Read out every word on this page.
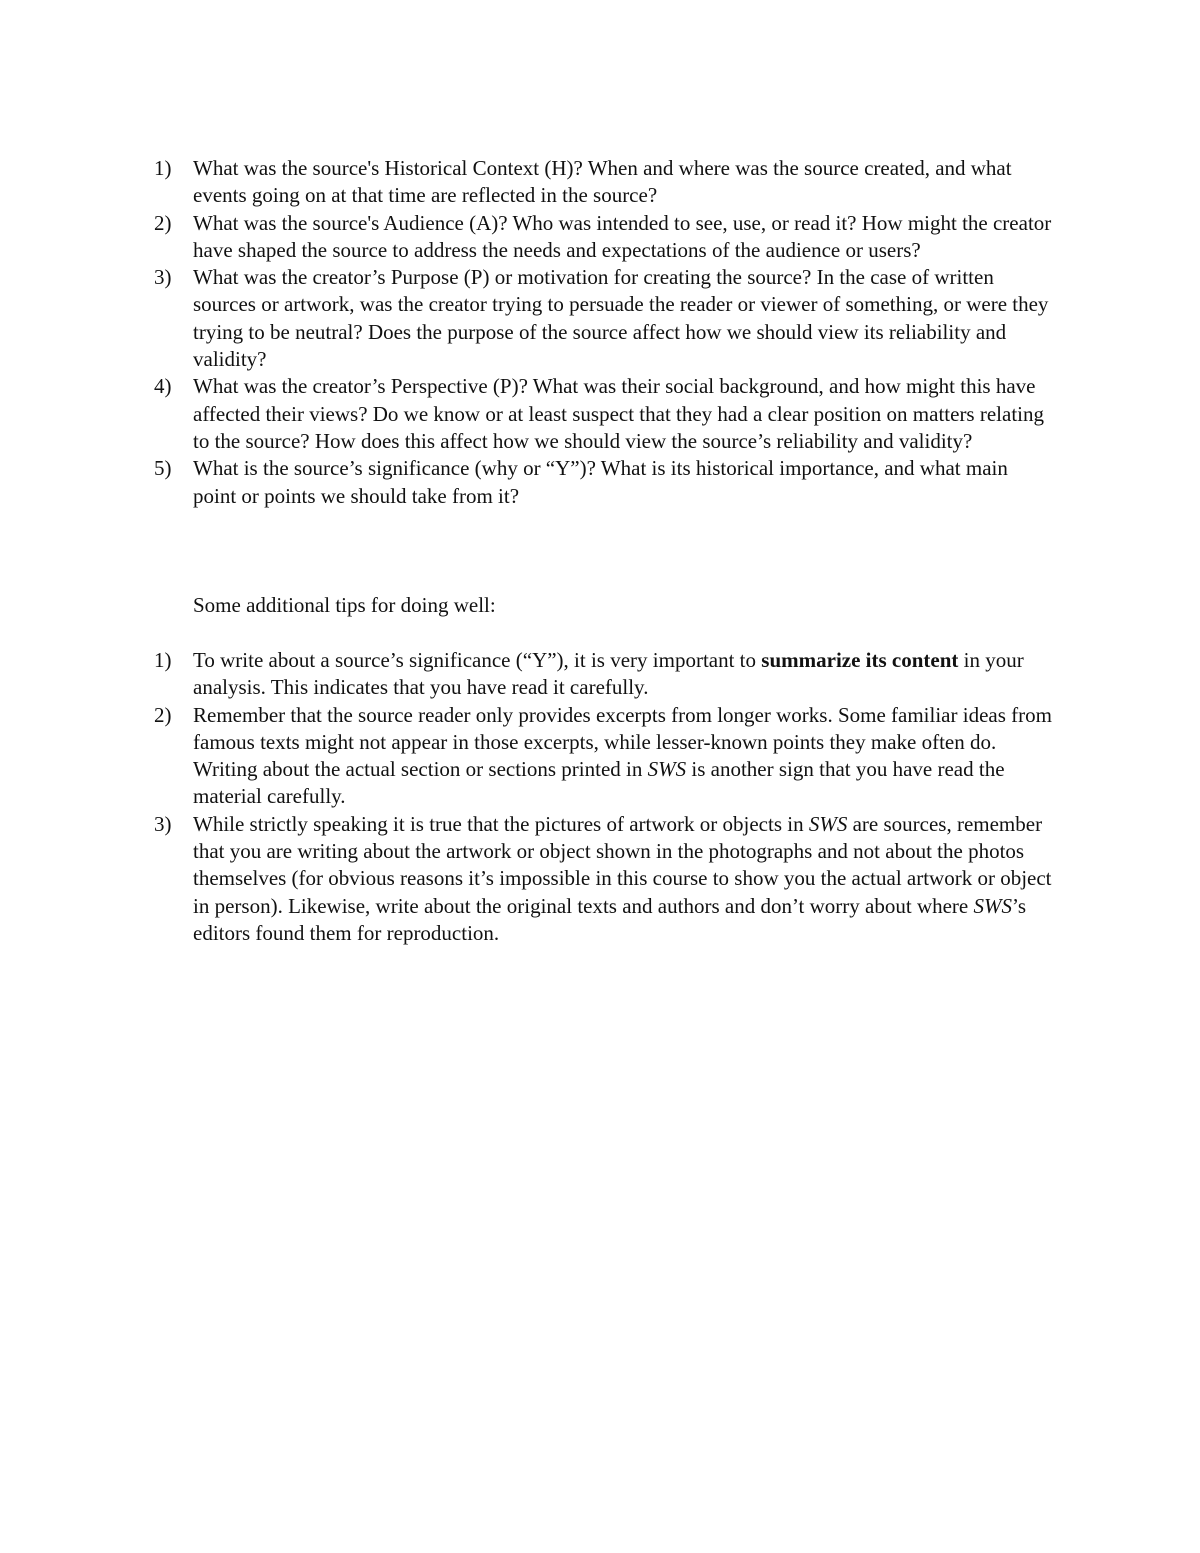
1) What was the source's Historical Context (H)? When and where was the source created, and what events going on at that time are reflected in the source?
2) What was the source's Audience (A)? Who was intended to see, use, or read it? How might the creator have shaped the source to address the needs and expectations of the audience or users?
3) What was the creator’s Purpose (P) or motivation for creating the source? In the case of written sources or artwork, was the creator trying to persuade the reader or viewer of something, or were they trying to be neutral? Does the purpose of the source affect how we should view its reliability and validity?
4) What was the creator’s Perspective (P)? What was their social background, and how might this have affected their views? Do we know or at least suspect that they had a clear position on matters relating to the source? How does this affect how we should view the source’s reliability and validity?
5) What is the source’s significance (why or “Y”)? What is its historical importance, and what main point or points we should take from it?

Some additional tips for doing well:

1) To write about a source’s significance (“Y”), it is very important to summarize its content in your analysis. This indicates that you have read it carefully.
2) Remember that the source reader only provides excerpts from longer works. Some familiar ideas from famous texts might not appear in those excerpts, while lesser-known points they make often do. Writing about the actual section or sections printed in SWS is another sign that you have read the material carefully.
3) While strictly speaking it is true that the pictures of artwork or objects in SWS are sources, remember that you are writing about the artwork or object shown in the photographs and not about the photos themselves (for obvious reasons it’s impossible in this course to show you the actual artwork or object in person). Likewise, write about the original texts and authors and don’t worry about where SWS’s editors found them for reproduction.
